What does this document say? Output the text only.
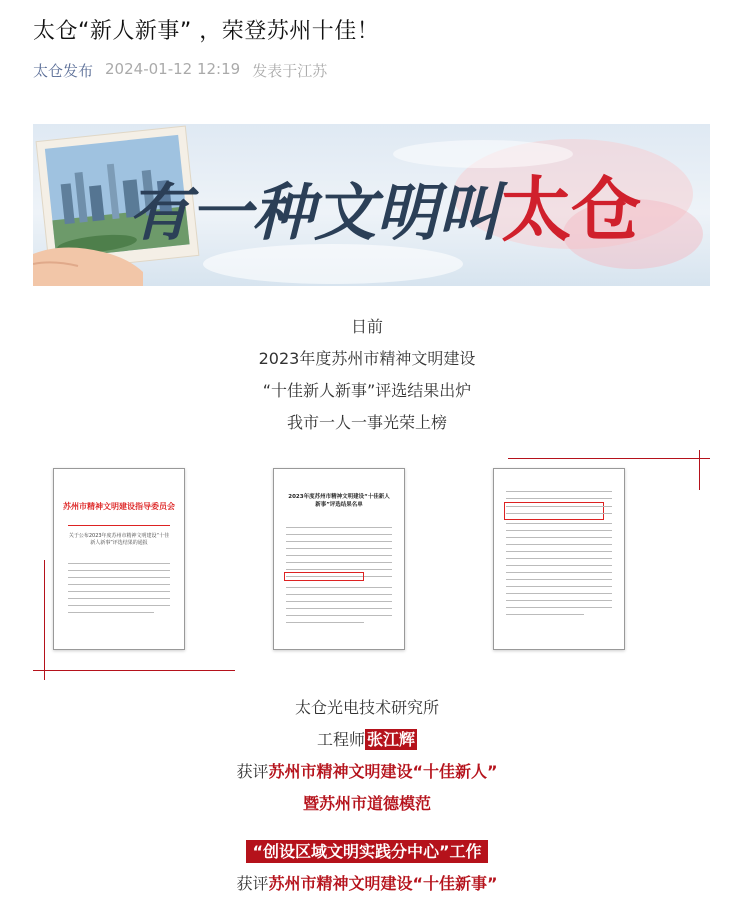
太仓“新人新事” ，荣登苏州十佳！
太仓发布 2024-01-12 12:19 发表于江苏
有一种文明叫 太仓
日前
2023年度苏州市精神文明建设
“十佳新人新事”评选结果出炉
我市一人一事光荣上榜
苏州市精神文明建设指导委员会
关于公布2023年度苏州市精神文明建设“十佳新人新事”评选结果的通报
2023年度苏州市精神文明建设“十佳新人新事”评选结果名单
太仓光电技术研究所
工程师 张江辉
获评苏州市精神文明建设“十佳新人”
暨苏州市道德模范
“创设区域文明实践分中心”工作
获评苏州市精神文明建设“十佳新事”
